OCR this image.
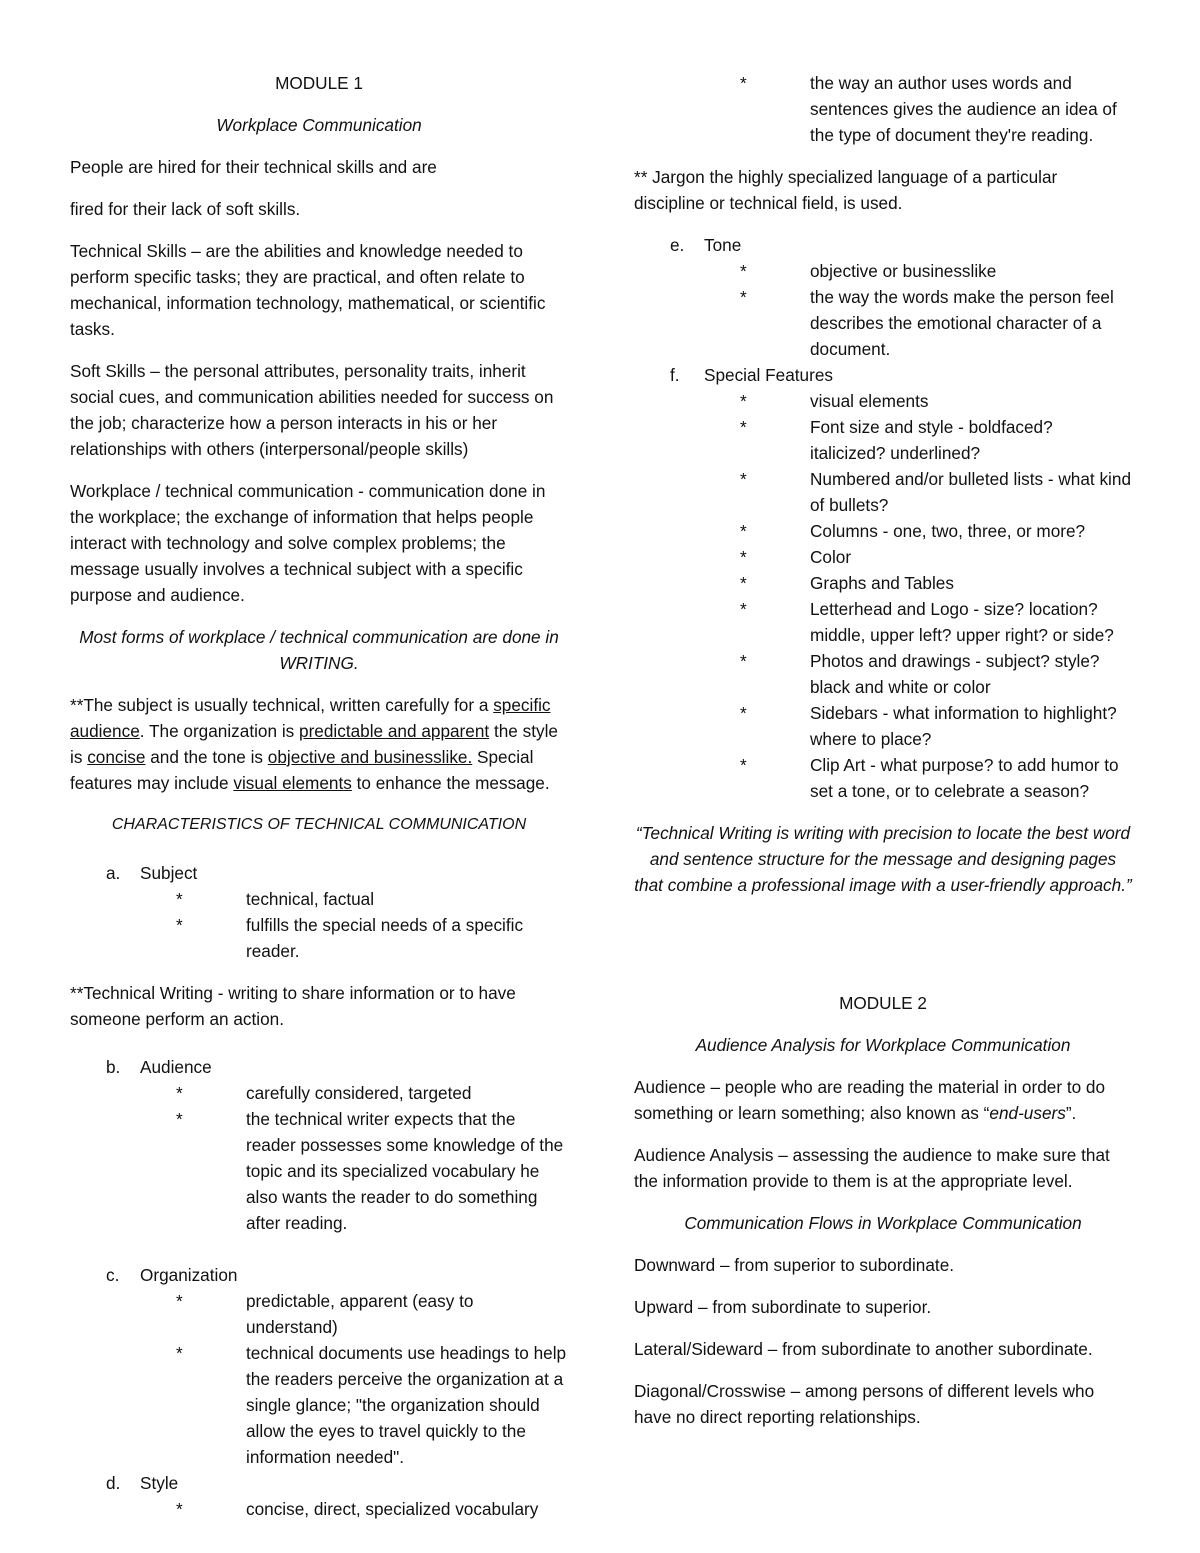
MODULE 1

Workplace Communication

People are hired for their technical skills and are

fired for their lack of soft skills.

Technical Skills – are the abilities and knowledge needed to perform specific tasks; they are practical, and often relate to mechanical, information technology, mathematical, or scientific tasks.

Soft Skills – the personal attributes, personality traits, inherit social cues, and communication abilities needed for success on the job; characterize how a person interacts in his or her relationships with others (interpersonal/people skills)

Workplace / technical communication - communication done in the workplace; the exchange of information that helps people interact with technology and solve complex problems; the message usually involves a technical subject with a specific purpose and audience.

Most forms of workplace / technical communication are done in WRITING.

**The subject is usually technical, written carefully for a specific audience. The organization is predictable and apparent the style is concise and the tone is objective and businesslike. Special features may include visual elements to enhance the message.

CHARACTERISTICS OF TECHNICAL COMMUNICATION

a.	Subject
*	technical, factual
*	fulfills the special needs of a specific reader.

**Technical Writing - writing to share information or to have someone perform an action.

b.	Audience
*	carefully considered, targeted
*	the technical writer expects that the reader possesses some knowledge of the topic and its specialized vocabulary he also wants the reader to do something after reading.
c.	Organization
*	predictable, apparent (easy to understand)
*	technical documents use headings to help the readers perceive the organization at a single glance; "the organization should allow the eyes to travel quickly to the information needed".
d.	Style
*	concise, direct, specialized vocabulary
*	the way an author uses words and sentences gives the audience an idea of the type of document they're reading.

** Jargon the highly specialized language of a particular discipline or technical field, is used.

e.	Tone
*	objective or businesslike
*	the way the words make the person feel describes the emotional character of a document.
f.	Special Features
*	visual elements
*	Font size and style - boldfaced? italicized? underlined?
*	Numbered and/or bulleted lists - what kind of bullets?
*	Columns - one, two, three, or more?
*	Color
*	Graphs and Tables
*	Letterhead and Logo - size? location? middle, upper left? upper right? or side?
*	Photos and drawings - subject? style? black and white or color
*	Sidebars - what information to highlight? where to place?
*	Clip Art - what purpose? to add humor to set a tone, or to celebrate a season?

“Technical Writing is writing with precision to locate the best word and sentence structure for the message and designing pages that combine a professional image with a user-friendly approach.”

MODULE 2

Audience Analysis for Workplace Communication

Audience – people who are reading the material in order to do something or learn something; also known as “end-users”.

Audience Analysis – assessing the audience to make sure that the information provide to them is at the appropriate level.

Communication Flows in Workplace Communication

Downward – from superior to subordinate.

Upward – from subordinate to superior.

Lateral/Sideward – from subordinate to another subordinate.

Diagonal/Crosswise – among persons of different levels who have no direct reporting relationships.
